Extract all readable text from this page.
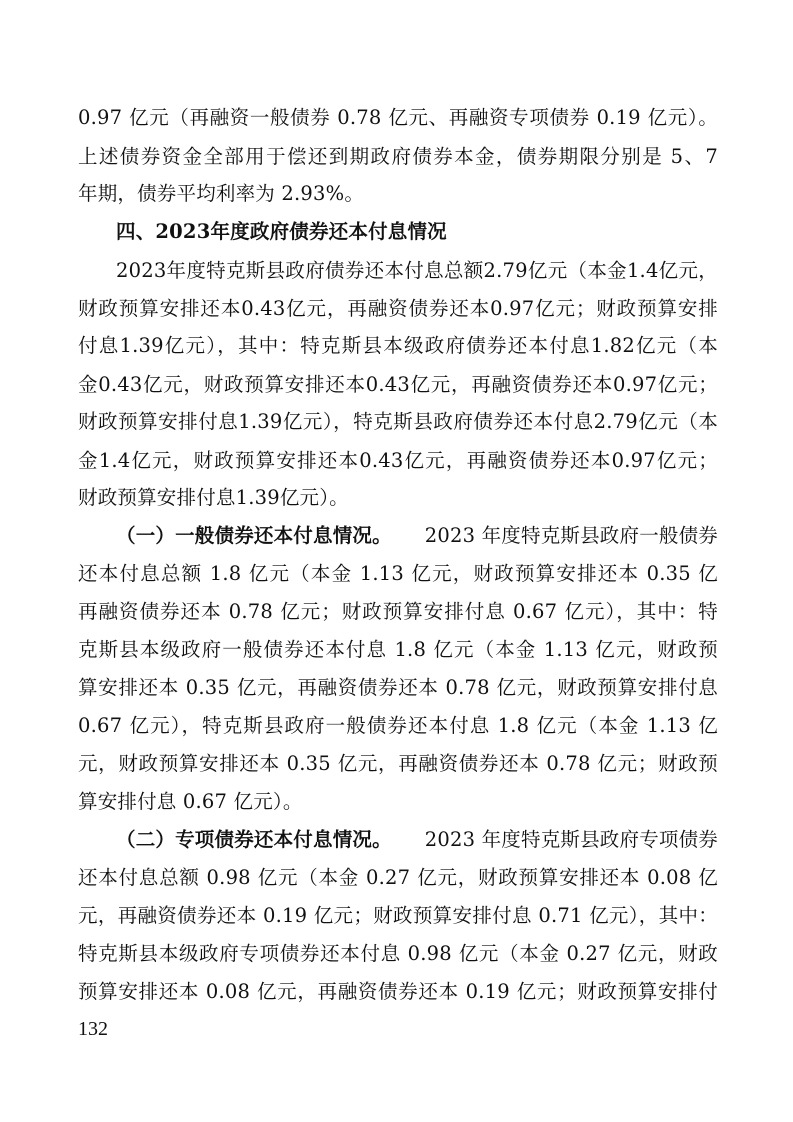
0.97 亿元（再融资一般债券 0.78 亿元、再融资专项债券 0.19 亿元）。
上述债券资金全部用于偿还到期政府债券本金，债券期限分别是 5、7
年期，债券平均利率为 2.93%。
四、2023年度政府债券还本付息情况
2023年度特克斯县政府债券还本付息总额2.79亿元（本金1.4亿元，
财政预算安排还本0.43亿元，再融资债券还本0.97亿元；财政预算安排
付息1.39亿元），其中：特克斯县本级政府债券还本付息1.82亿元（本
金0.43亿元，财政预算安排还本0.43亿元，再融资债券还本0.97亿元；
财政预算安排付息1.39亿元），特克斯县政府债券还本付息2.79亿元（本
金1.4亿元，财政预算安排还本0.43亿元，再融资债券还本0.97亿元；
财政预算安排付息1.39亿元）。
（一）一般债券还本付息情况。 2023 年度特克斯县政府一般债券
还本付息总额 1.8 亿元（本金 1.13 亿元，财政预算安排还本 0.35 亿
再融资债券还本 0.78 亿元；财政预算安排付息 0.67 亿元），其中：特
克斯县本级政府一般债券还本付息 1.8 亿元（本金 1.13 亿元，财政预
算安排还本 0.35 亿元，再融资债券还本 0.78 亿元，财政预算安排付息
0.67 亿元），特克斯县政府一般债券还本付息 1.8 亿元（本金 1.13 亿
元，财政预算安排还本 0.35 亿元，再融资债券还本 0.78 亿元；财政预
算安排付息 0.67 亿元）。
（二）专项债券还本付息情况。 2023 年度特克斯县政府专项债券
还本付息总额 0.98 亿元（本金 0.27 亿元，财政预算安排还本 0.08 亿
元，再融资债券还本 0.19 亿元；财政预算安排付息 0.71 亿元），其中：
特克斯县本级政府专项债券还本付息 0.98 亿元（本金 0.27 亿元，财政
预算安排还本 0.08 亿元，再融资债券还本 0.19 亿元；财政预算安排付
132
